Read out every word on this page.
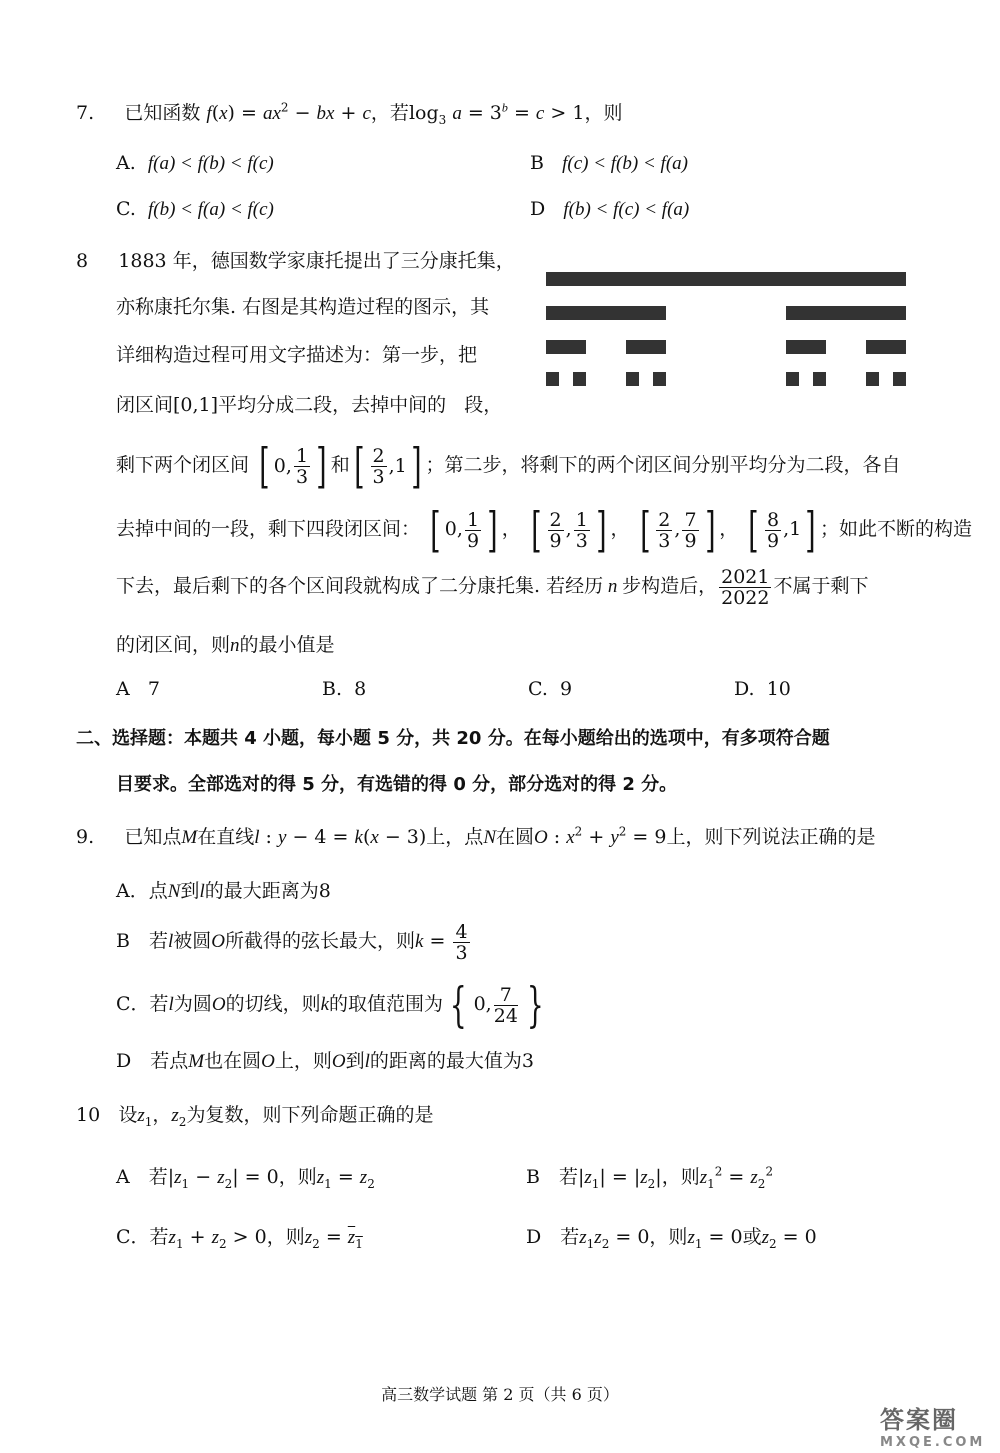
7. 已知函数 $f(x) = ax^2$ − bx + c，若$\log_3 a = 3^b = c > 1$，则
A. f(a) < f(b) < f(c)	B f(c) < f(b) < f(a)
C. f(b) < f(a) < f(c)	D f(b) < f(c) < f(a)
8 1883 年，德国数学家康托提出了三分康托集，
亦称康托尔集. 右图是其构造过程的图示，其
详细构造过程可用文字描述为：第一步，把
闭区间[0,1]平均分成二段，去掉中间的 段，
剩下两个闭区间 [ 0, $\frac{1}{3}$ ] 和[ $\frac{2}{3} ,1$] ；第二步，将剩下的两个闭区间分别平均分为二段，各自
去掉中间的一段，剩下四段闭区间： [ 0, $\frac{1}{9}$ ] ， [ $\frac{2}{9}$ , $\frac{1}{3}$ ] ， [ $\frac{2}{3}$ , $\frac{7}{9}$ ] ， [ $\frac{8}{9} ,1$] ；如此不断的构造
下去，最后剩下的各个区间段就构成了二分康托集. 若经历 n 步构造后， $\frac{2021}{2022}$ 不属于剩下
的闭区间，则n的最小值是
A 7	B. 8	C. 9	D. 10
二、选择题：本题共 4 小题，每小题 5 分，共 20 分。在每小题给出的选项中，有多项符合题
目要求。全部选对的得 5 分，有选错的得 0 分，部分选对的得 2 分。
9. 已知点M在直线l : y − 4 = k(x − 3)上，点N在圆O : $x^2 + y^2 = 9$上，则下列说法正确的是
A．点N到l的最大距离为8
B　若l被圆O所截得的弦长最大，则$k = \frac{4}{3}$
C．若l为圆O的切线，则k的取值范围为 { 0, $\frac{7}{24}$ }
D　若点M也在圆O上，则O到l的距离的最大值为3
10 设$z_1$，$z_2$为复数，则下列命题正确的是
A　若$|z_1 - z_2| = 0$，则$z_1 = z_2$	B　若$|z_1| = |z_2|$，则$z_1^2 = z_2^2$
C．若$z_1 + z_2 > 0$，则$z_2 = z_1$	D　若$z_1z_2 = 0$，则$z_1 = 0$或$z_2 = 0$
高三数学试题 第 2 页（共 6 页）
答案圈
MXQE.COM
